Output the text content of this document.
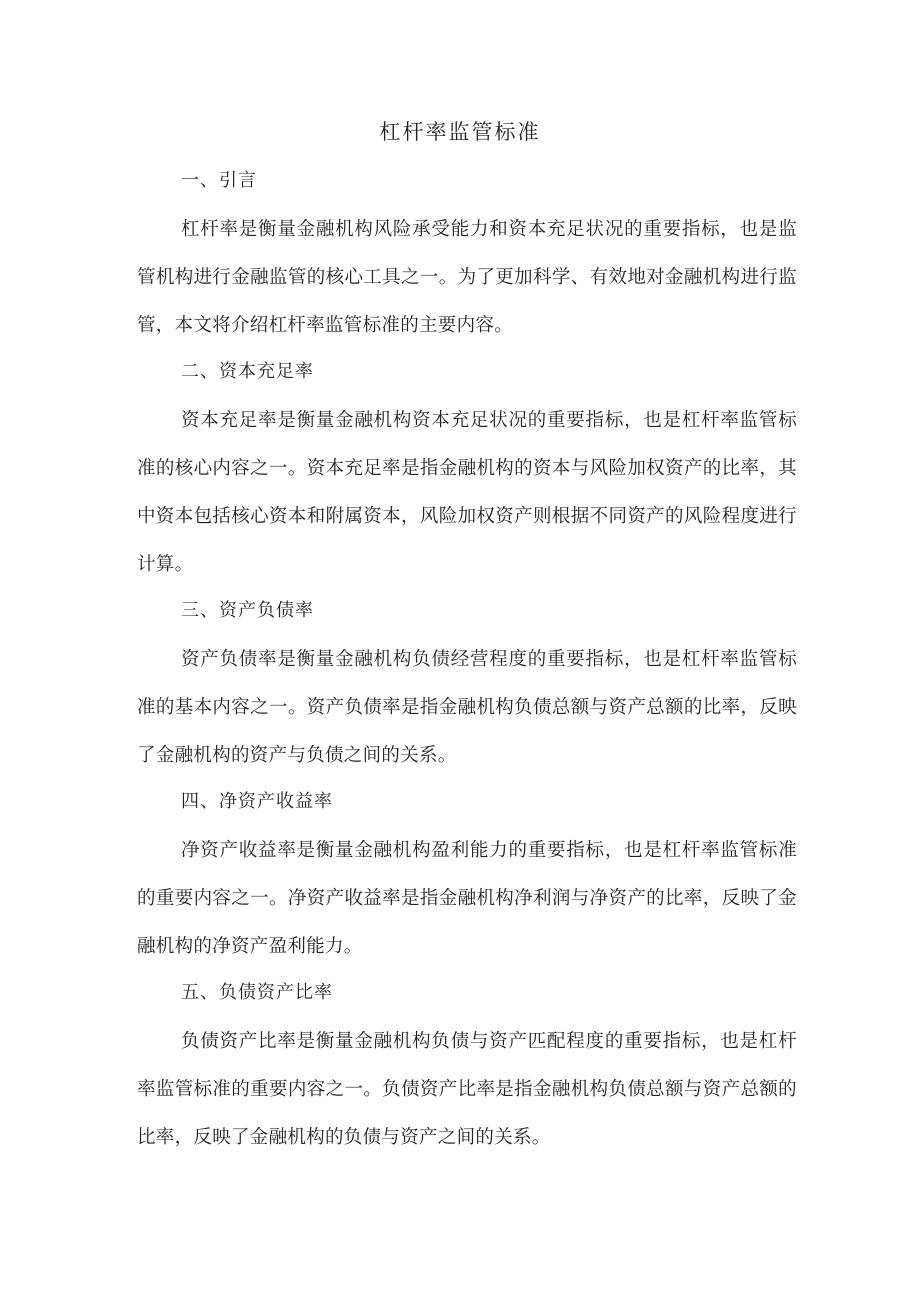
杠杆率监管标准
一、引言

杠杆率是衡量金融机构风险承受能力和资本充足状况的重要指标，也是监管机构进行金融监管的核心工具之一。为了更加科学、有效地对金融机构进行监管，本文将介绍杠杆率监管标准的主要内容。

二、资本充足率

资本充足率是衡量金融机构资本充足状况的重要指标，也是杠杆率监管标准的核心内容之一。资本充足率是指金融机构的资本与风险加权资产的比率，其中资本包括核心资本和附属资本，风险加权资产则根据不同资产的风险程度进行计算。

三、资产负债率

资产负债率是衡量金融机构负债经营程度的重要指标，也是杠杆率监管标准的基本内容之一。资产负债率是指金融机构负债总额与资产总额的比率，反映了金融机构的资产与负债之间的关系。

四、净资产收益率

净资产收益率是衡量金融机构盈利能力的重要指标，也是杠杆率监管标准的重要内容之一。净资产收益率是指金融机构净利润与净资产的比率，反映了金融机构的净资产盈利能力。

五、负债资产比率

负债资产比率是衡量金融机构负债与资产匹配程度的重要指标，也是杠杆率监管标准的重要内容之一。负债资产比率是指金融机构负债总额与资产总额的比率，反映了金融机构的负债与资产之间的关系。
